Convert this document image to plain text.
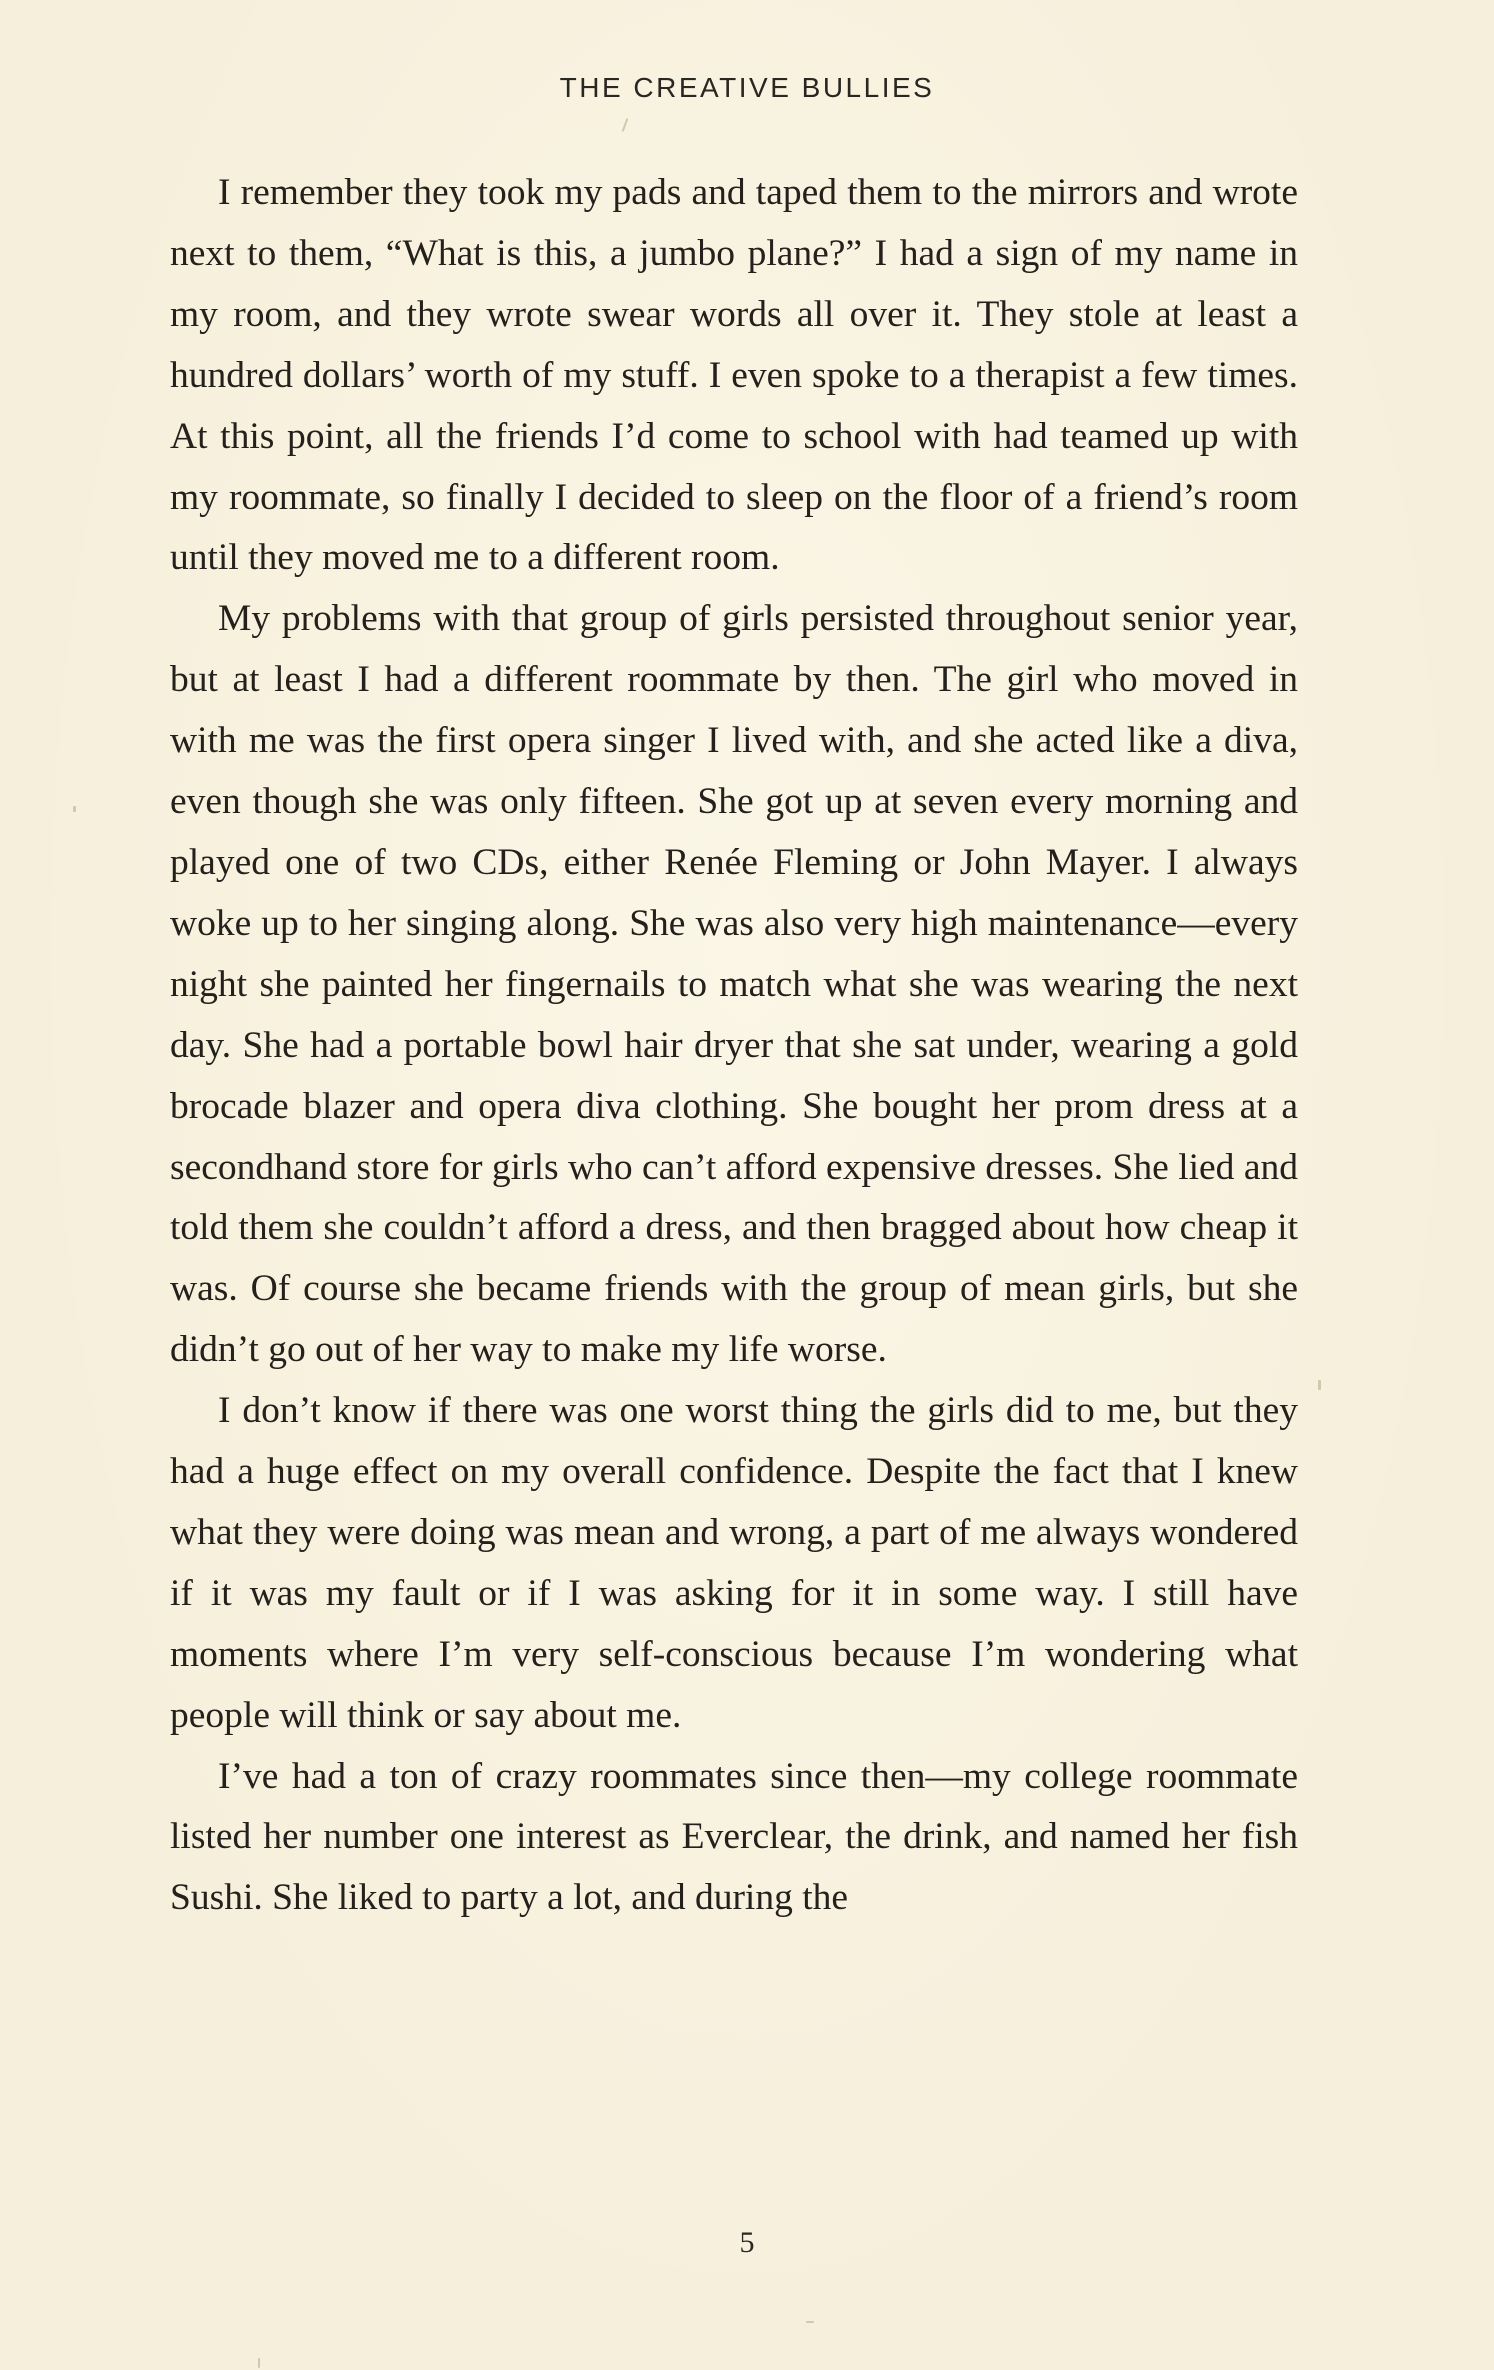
THE CREATIVE BULLIES

I remember they took my pads and taped them to the mirrors and wrote next to them, “What is this, a jumbo plane?” I had a sign of my name in my room, and they wrote swear words all over it. They stole at least a hundred dollars’ worth of my stuff. I even spoke to a therapist a few times. At this point, all the friends I’d come to school with had teamed up with my roommate, so finally I decided to sleep on the floor of a friend’s room until they moved me to a different room.

My problems with that group of girls persisted throughout senior year, but at least I had a different roommate by then. The girl who moved in with me was the first opera singer I lived with, and she acted like a diva, even though she was only fifteen. She got up at seven every morning and played one of two CDs, either Renée Fleming or John Mayer. I always woke up to her singing along. She was also very high maintenance—every night she painted her fingernails to match what she was wearing the next day. She had a portable bowl hair dryer that she sat under, wearing a gold brocade blazer and opera diva clothing. She bought her prom dress at a secondhand store for girls who can’t afford expensive dresses. She lied and told them she couldn’t afford a dress, and then bragged about how cheap it was. Of course she became friends with the group of mean girls, but she didn’t go out of her way to make my life worse.

I don’t know if there was one worst thing the girls did to me, but they had a huge effect on my overall confidence. Despite the fact that I knew what they were doing was mean and wrong, a part of me always wondered if it was my fault or if I was asking for it in some way. I still have moments where I’m very self-conscious because I’m wondering what people will think or say about me.

I’ve had a ton of crazy roommates since then—my college roommate listed her number one interest as Everclear, the drink, and named her fish Sushi. She liked to party a lot, and during the

5
